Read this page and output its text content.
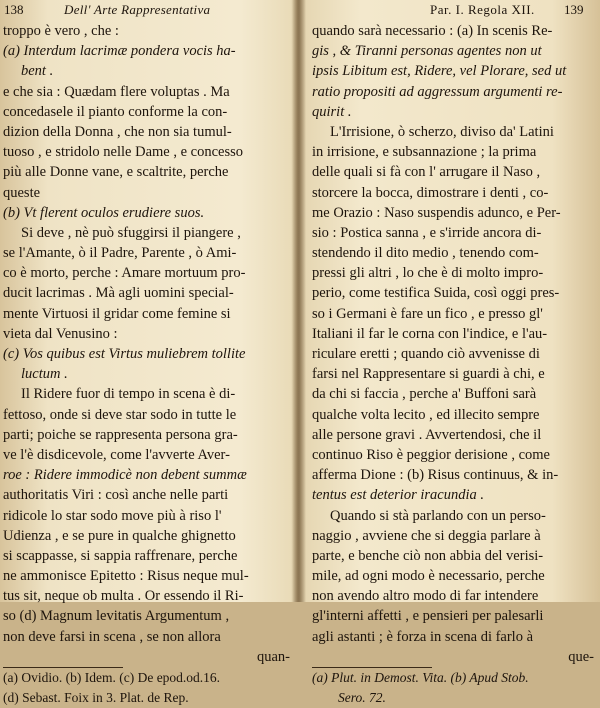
138	Dell' Arte Rappresentativa
troppo è vero , che :
(a) Interdum lacrimæ pondera vocis ha-
bent .
e che sia : Quædam flere voluptas . Ma
concedasele il pianto conforme la con-
dizion della Donna , che non sia tumul-
tuoso , e stridolo nelle Dame , e concesso
più alle Donne vane, e scaltrite, perche
queste
(b) Vt flerent oculos erudiere suos.
Si deve , nè può sfuggirsi il piangere ,
se l'Amante, ò il Padre, Parente , ò Ami-
co è morto, perche : Amare mortuum pro-
ducit lacrimas . Mà agli uomini special-
mente Virtuosi il gridar come femine si
vieta dal Venusino :
(c) Vos quibus est Virtus muliebrem tollite
luctum .
Il Ridere fuor di tempo in scena è di-
fettoso, onde si deve star sodo in tutte le
parti; poiche se rappresenta persona gra-
ve l'è disdicevole, come l'avverte Aver-
roe : Ridere immodicè non debent summæ
authoritatis Viri : così anche nelle parti
ridicole lo star sodo move più à riso l'
Udienza , e se pure in qualche ghignetto
si scappasse, si sappia raffrenare, perche
ne ammonisce Epitetto : Risus neque mul-
tus sit, neque ob multa . Or essendo il Ri-
so (d) Magnum levitatis Argumentum ,
non deve farsi in scena , se non allora
quan-
(a) Ovidio. (b) Idem. (c) De epod.od.16.
(d) Sebast. Foix in 3. Plat. de Rep.
Par. I. Regola XII. 139
quando sarà necessario : (a) In scenis Re-
gis , & Tiranni personas agentes non ut
ipsis Libitum est, Ridere, vel Plorare, sed ut
ratio propositi ad aggressum argumenti re-
quirit .
L'Irrisione, ò scherzo, diviso da' Latini
in irrisione, e subsannazione ; la prima
delle quali si fà con l' arrugare il Naso ,
storcere la bocca, dimostrare i denti , co-
me Orazio : Naso suspendis adunco, e Per-
sio : Postica sanna , e s'irride ancora di-
stendendo il dito medio , tenendo com-
pressi gli altri , lo che è di molto impro-
perio, come testifica Suida, così oggi pres-
so i Germani è fare un fico , e presso gl'
Italiani il far le corna con l'indice, e l'au-
riculare eretti ; quando ciò avvenisse di
farsi nel Rappresentare si guardi à chi, e
da chi si faccia , perche a' Buffoni sarà
qualche volta lecito , ed illecito sempre
alle persone gravi . Avvertendosi, che il
continuo Riso è peggior derisione , come
afferma Dione : (b) Risus continuus, & in-
tentus est deterior iracundia .
Quando si stà parlando con un perso-
naggio , avviene che si deggia parlare à
parte, e benche ciò non abbia del verisi-
mile, ad ogni modo è necessario, perche
non avendo altro modo di far intendere
gl'interni affetti , e pensieri per palesarli
agli astanti ; è forza in scena di farlo à
que-
(a) Plut. in Demost. Vita. (b) Apud Stob.
Sero. 72.
